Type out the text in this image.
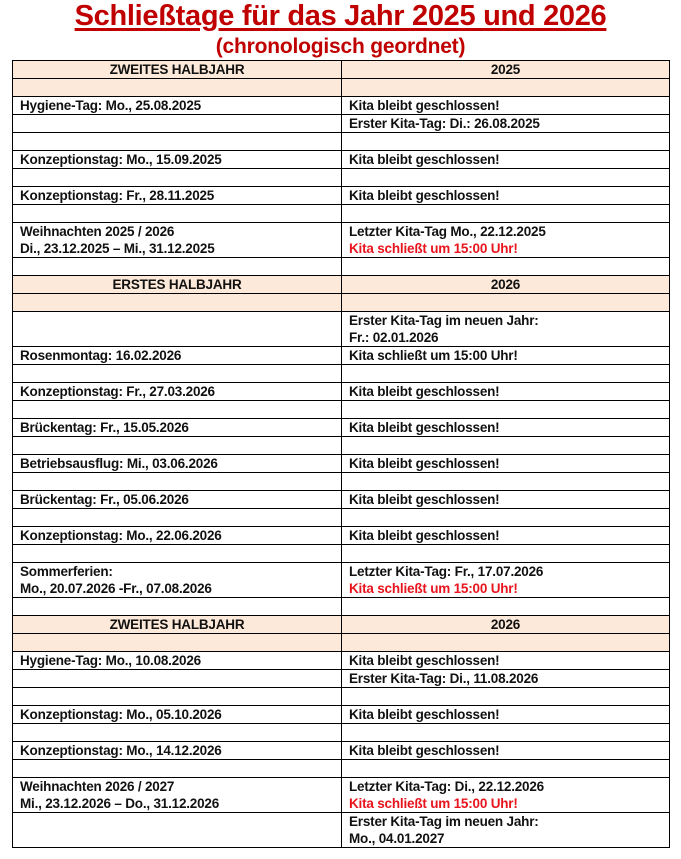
Schließtage für das Jahr 2025 und 2026
(chronologisch geordnet)
ZWEITES HALBJAHR	2025

Hygiene-Tag: Mo., 25.08.2025	Kita bleibt geschlossen!
	Erster Kita-Tag: Di.: 26.08.2025

Konzeptionstag: Mo., 15.09.2025	Kita bleibt geschlossen!

Konzeptionstag: Fr., 28.11.2025	Kita bleibt geschlossen!

Weihnachten 2025 / 2026
Di., 23.12.2025 – Mi., 31.12.2025	Letzter Kita-Tag Mo., 22.12.2025
Kita schließt um 15:00 Uhr!

ERSTES HALBJAHR	2026

	Erster Kita-Tag im neuen Jahr:
Fr.: 02.01.2026

Rosenmontag: 16.02.2026	Kita schließt um 15:00 Uhr!

Konzeptionstag: Fr., 27.03.2026	Kita bleibt geschlossen!

Brückentag: Fr., 15.05.2026	Kita bleibt geschlossen!

Betriebsausflug: Mi., 03.06.2026	Kita bleibt geschlossen!

Brückentag: Fr., 05.06.2026	Kita bleibt geschlossen!

Konzeptionstag: Mo., 22.06.2026	Kita bleibt geschlossen!

Sommerferien:
Mo., 20.07.2026 -Fr., 07.08.2026	Letzter Kita-Tag: Fr., 17.07.2026
Kita schließt um 15:00 Uhr!

ZWEITES HALBJAHR	2026

Hygiene-Tag: Mo., 10.08.2026	Kita bleibt geschlossen!
	Erster Kita-Tag: Di., 11.08.2026

Konzeptionstag: Mo., 05.10.2026	Kita bleibt geschlossen!

Konzeptionstag: Mo., 14.12.2026	Kita bleibt geschlossen!

Weihnachten 2026 / 2027
Mi., 23.12.2026 – Do., 31.12.2026	Letzter Kita-Tag: Di., 22.12.2026
Kita schließt um 15:00 Uhr!

	Erster Kita-Tag im neuen Jahr:
Mo., 04.01.2027
